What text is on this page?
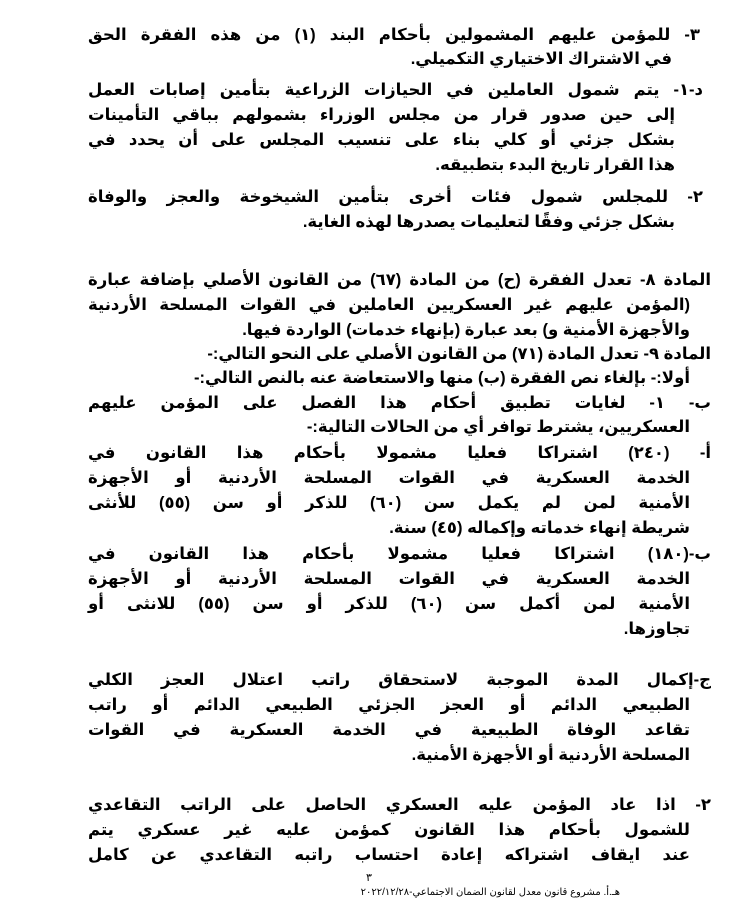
٣- للمؤمن عليهم المشمولين بأحكام البند (١) من هذه الفقرة الحق
في الاشتراك الاختياري التكميلي.
د-١- يتم شمول العاملين في الحيازات الزراعية بتأمين إصابات العمل
إلى حين صدور قرار من مجلس الوزراء بشمولهم بباقي التأمينات
بشكل جزئي أو كلي بناء على تنسيب المجلس على أن يحدد في
هذا القرار تاريخ البدء بتطبيقه.
٢- للمجلس شمول فئات أخرى بتأمين الشيخوخة والعجز والوفاة
بشكل جزئي وفقًا لتعليمات يصدرها لهذه الغاية.
المادة ٨- تعدل الفقرة (ح) من المادة (٦٧) من القانون الأصلي بإضافة عبارة
(المؤمن عليهم غير العسكريين العاملين في القوات المسلحة الأردنية
والأجهزة الأمنية و) بعد عبارة (بإنهاء خدمات) الواردة فيها.
المادة ٩- تعدل المادة (٧١) من القانون الأصلي على النحو التالي:-
أولا:- بإلغاء نص الفقرة (ب) منها والاستعاضة عنه بالنص التالي:-
ب- ١- لغايات تطبيق أحكام هذا الفصل على المؤمن عليهم
العسكريين، يشترط توافر أي من الحالات التالية:-
أ- (٢٤٠) اشتراكا فعليا مشمولا بأحكام هذا القانون في
الخدمة العسكرية في القوات المسلحة الأردنية أو الأجهزة
الأمنية لمن لم يكمل سن (٦٠) للذكر أو سن (٥٥) للأنثى
شريطة إنهاء خدماته وإكماله (٤٥) سنة.
ب-(١٨٠) اشتراكا فعليا مشمولا بأحكام هذا القانون في
الخدمة العسكرية في القوات المسلحة الأردنية أو الأجهزة
الأمنية لمن أكمل سن (٦٠) للذكر أو سن (٥٥) للانثى أو
تجاوزها.
ج-إكمال المدة الموجبة لاستحقاق راتب اعتلال العجز الكلي
الطبيعي الدائم أو العجز الجزئي الطبيعي الدائم أو راتب
تقاعد الوفاة الطبيعية في الخدمة العسكرية في القوات
المسلحة الأردنية أو الأجهزة الأمنية.
٢- اذا عاد المؤمن عليه العسكري الحاصل على الراتب التقاعدي
للشمول بأحكام هذا القانون كمؤمن عليه غير عسكري يتم
عند ايقاف اشتراكه إعادة احتساب راتبه التقاعدي عن كامل
٣
هـ.أ. مشروع قانون معدل لقانون الضمان الاجتماعي-٢٠٢٢/١٢/٢٨
